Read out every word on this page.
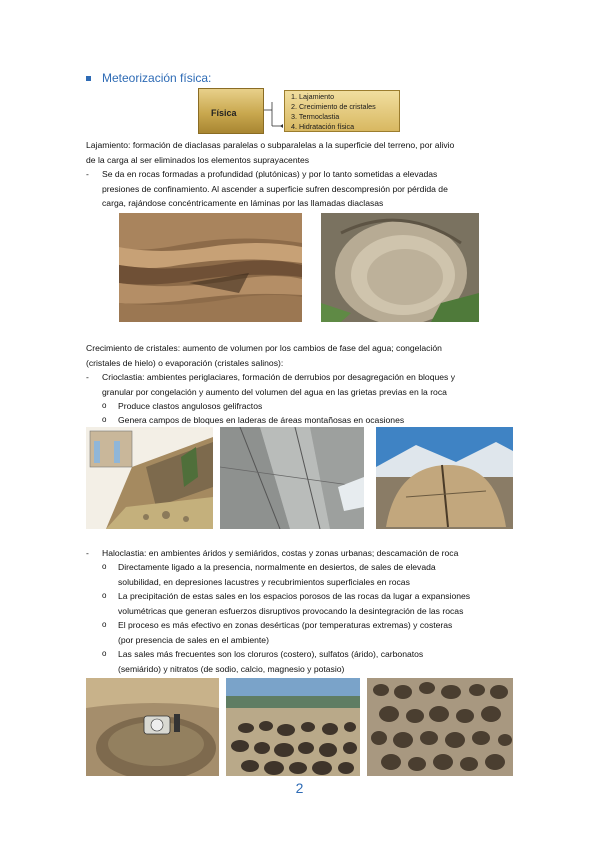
Meteorización física:
Física
1. Lajamiento
2. Crecimiento de cristales
3. Termoclastia
4. Hidratación física
Lajamiento: formación de diaclasas paralelas o subparalelas a la superficie del terreno, por alivio
de la carga al ser eliminados los elementos suprayacentes
- Se da en rocas formadas a profundidad (plutónicas) y por lo tanto sometidas a elevadas
presiones de confinamiento. Al ascender a superficie sufren descompresión por pérdida de
carga, rajándose concéntricamente en láminas por las llamadas diaclasas
Crecimiento de cristales: aumento de volumen por los cambios de fase del agua; congelación
(cristales de hielo) o evaporación (cristales salinos):
- Crioclastia: ambientes periglaciares, formación de derrubios por desagregación en bloques y
granular por congelación y aumento del volumen del agua en las grietas previas en la roca
o	Produce clastos angulosos gelifractos
o	Genera campos de bloques en laderas de áreas montañosas en ocasiones
-	Haloclastia: en ambientes áridos y semiáridos, costas y zonas urbanas; descamación de roca
o Directamente ligado a la presencia, normalmente en desiertos, de sales de elevada
solubilidad, en depresiones lacustres y recubrimientos superficiales en rocas
o La precipitación de estas sales en los espacios porosos de las rocas da lugar a expansiones
volumétricas que generan esfuerzos disruptivos provocando la desintegración de las rocas
o El proceso es más efectivo en zonas desérticas (por temperaturas extremas) y costeras
(por presencia de sales en el ambiente)
o Las sales más frecuentes son los cloruros (costero), sulfatos (árido), carbonatos
(semiárido) y nitratos (de sodio, calcio, magnesio y potasio)
2
